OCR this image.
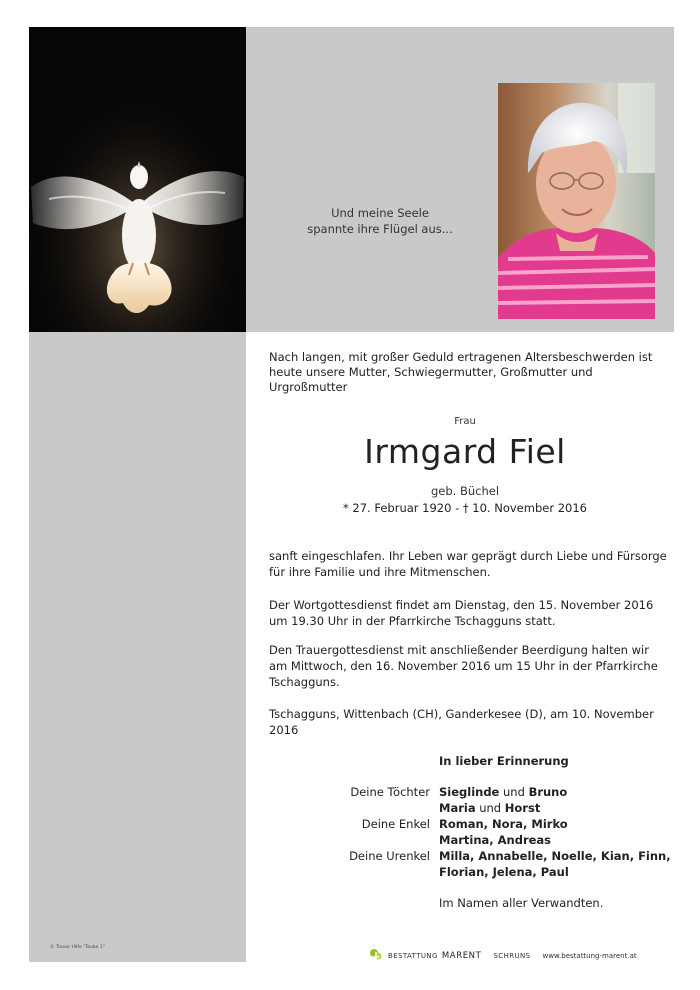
Und meine Seele
spannte ihre Flügel aus...
Nach langen, mit großer Geduld ertragenen Altersbeschwerden ist
heute unsere Mutter, Schwiegermutter, Großmutter und Urgroßmutter
Frau
Irmgard Fiel
geb. Büchel
* 27. Februar 1920 - † 10. November 2016
sanft eingeschlafen. Ihr Leben war geprägt durch Liebe und Fürsorge
für ihre Familie und ihre Mitmenschen.
Der Wortgottesdienst findet am Dienstag, den 15. November 2016
um 19.30 Uhr in der Pfarrkirche Tschagguns statt.
Den Trauergottesdienst mit anschließender Beerdigung halten wir
am Mittwoch, den 16. November 2016 um 15 Uhr in der Pfarrkirche
Tschagguns.
Tschagguns, Wittenbach (CH), Ganderkesee (D), am 10. November 2016
In lieber Erinnerung
Deine Töchter
Deine Enkel
Deine Urenkel
Sieglinde und Bruno
Maria und Horst
Roman, Nora, Mirko
Martina, Andreas
Milla, Annabelle, Noelle, Kian, Finn,
Florian, Jelena, Paul
Im Namen aller Verwandten.
© Trauer Hilfe "Taube 1"
BESTATTUNG MARENT SCHRUNS www.bestattung-marent.at
